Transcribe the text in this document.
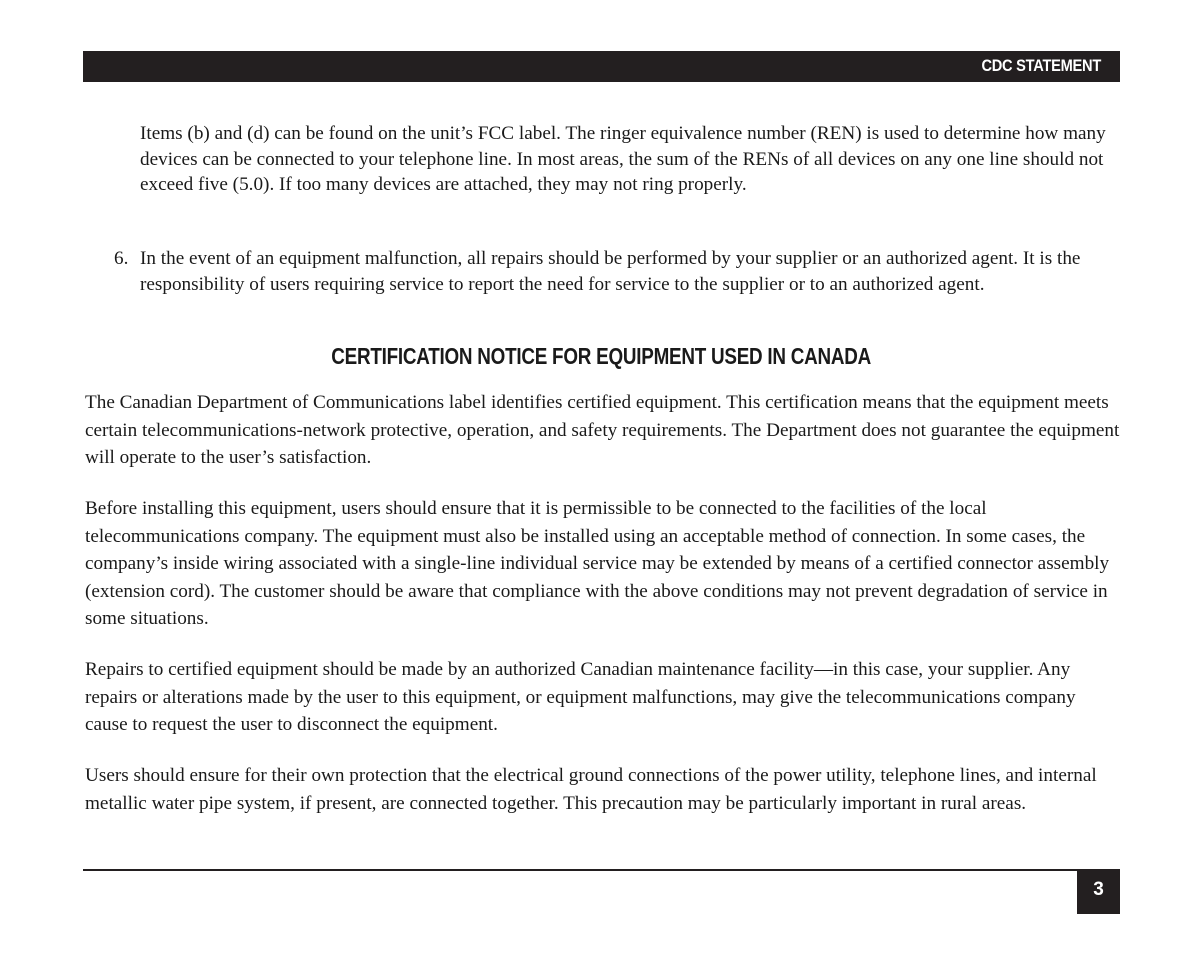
CDC STATEMENT

Items (b) and (d) can be found on the unit’s FCC label. The ringer equivalence number (REN) is used to determine how many devices can be connected to your telephone line. In most areas, the sum of the RENs of all devices on any one line should not exceed five (5.0). If too many devices are attached, they may not ring properly.

6. In the event of an equipment malfunction, all repairs should be performed by your supplier or an authorized agent. It is the responsibility of users requiring service to report the need for service to the supplier or to an authorized agent.

CERTIFICATION NOTICE FOR EQUIPMENT USED IN CANADA

The Canadian Department of Communications label identifies certified equipment. This certification means that the equipment meets certain telecommunications-network protective, operation, and safety requirements. The Department does not guarantee the equipment will operate to the user’s satisfaction.

Before installing this equipment, users should ensure that it is permissible to be connected to the facilities of the local telecommunications company. The equipment must also be installed using an acceptable method of connection. In some cases, the company’s inside wiring associated with a single-line individual service may be extended by means of a certified connector assembly (extension cord). The customer should be aware that compliance with the above conditions may not prevent degradation of service in some situations.

Repairs to certified equipment should be made by an authorized Canadian maintenance facility—in this case, your supplier. Any repairs or alterations made by the user to this equipment, or equipment malfunctions, may give the telecommunications company cause to request the user to disconnect the equipment.

Users should ensure for their own protection that the electrical ground connections of the power utility, telephone lines, and internal metallic water pipe system, if present, are connected together. This precaution may be particularly important in rural areas.

3
